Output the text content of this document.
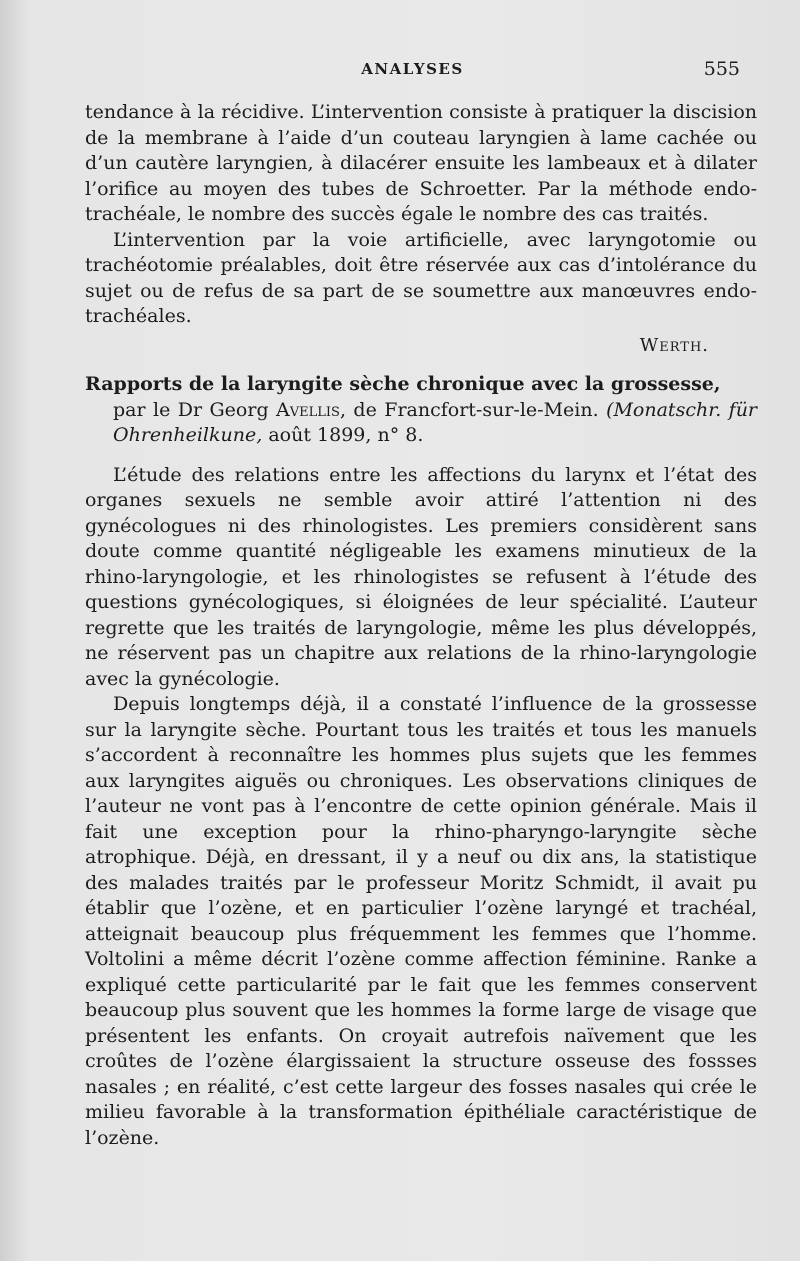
ANALYSES	555

tendance à la récidive. L’intervention consiste à pratiquer la discision de la membrane à l’aide d’un couteau laryngien à lame cachée ou d’un cautère laryngien, à dilacérer ensuite les lambeaux et à dilater l’orifice au moyen des tubes de Schroetter. Par la méthode endo-trachéale, le nombre des succès égale le nombre des cas traités.

L’intervention par la voie artificielle, avec laryngotomie ou trachéotomie préalables, doit être réservée aux cas d’intolérance du sujet ou de refus de sa part de se soumettre aux manœuvres endo-trachéales.

Werth.

Rapports de la laryngite sèche chronique avec la grossesse,

par le Dr Georg Avellis, de Francfort-sur-le-Mein. (Monatschr. für Ohrenheilkune, août 1899, n° 8.

L’étude des relations entre les affections du larynx et l’état des organes sexuels ne semble avoir attiré l’attention ni des gynécologues ni des rhinologistes. Les premiers considèrent sans doute comme quantité négligeable les examens minutieux de la rhino-laryngologie, et les rhinologistes se refusent à l’étude des questions gynécologiques, si éloignées de leur spécialité. L’auteur regrette que les traités de laryngologie, même les plus développés, ne réservent pas un chapitre aux relations de la rhino-laryngologie avec la gynécologie.

Depuis longtemps déjà, il a constaté l’influence de la grossesse sur la laryngite sèche. Pourtant tous les traités et tous les manuels s’accordent à reconnaître les hommes plus sujets que les femmes aux laryngites aiguës ou chroniques. Les observations cliniques de l’auteur ne vont pas à l’encontre de cette opinion générale. Mais il fait une exception pour la rhino-pharyngo-laryngite sèche atrophique. Déjà, en dressant, il y a neuf ou dix ans, la statistique des malades traités par le professeur Moritz Schmidt, il avait pu établir que l’ozène, et en particulier l’ozène laryngé et trachéal, atteignait beaucoup plus fréquemment les femmes que l’homme. Voltolini a même décrit l’ozène comme affection féminine. Ranke a expliqué cette particularité par le fait que les femmes conservent beaucoup plus souvent que les hommes la forme large de visage que présentent les enfants. On croyait autrefois naïvement que les croûtes de l’ozène élargissaient la structure osseuse des fossses nasales ; en réalité, c’est cette largeur des fosses nasales qui crée le milieu favorable à la transformation épithéliale caractéristique de l’ozène.
